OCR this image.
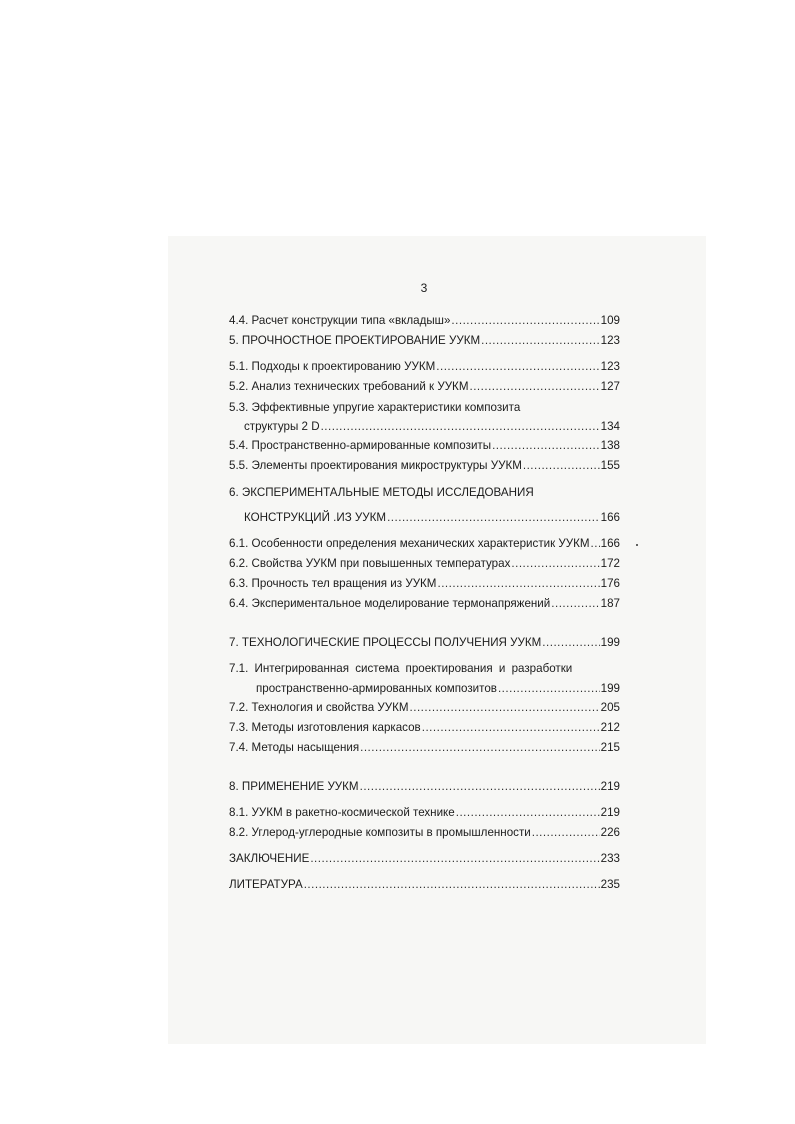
3
4.4. Расчет конструкции типа «вкладыш» .....	109
5. ПРОЧНОСТНОЕ ПРОЕКТИРОВАНИЕ УУКМ .....	123
5.1. Подходы к проектированию УУКМ .....	123
5.2. Анализ технических требований к УУКМ .....	127
5.3. Эффективные упругие характеристики композита
структуры 2 D .....	134
5.4. Пространственно-армированные композиты .....	138
5.5. Элементы проектирования микроструктуры УУКМ .....	155
6. ЭКСПЕРИМЕНТАЛЬНЫЕ МЕТОДЫ ИССЛЕДОВАНИЯ
КОНСТРУКЦИЙ .ИЗ УУКМ .....	166
6.1. Особенности определения механических характеристик УУКМ ..... 166
6.2. Свойства УУКМ при повышенных температурах .....	172
6.3. Прочность тел вращения из УУКМ .....	176
6.4. Экспериментальное моделирование термонапряжений .....	187
7. ТЕХНОЛОГИЧЕСКИЕ ПРОЦЕССЫ ПОЛУЧЕНИЯ УУКМ .....	199
7.1. Интегрированная система проектирования и разработки
пространственно-армированных композитов .....	199
7.2. Технология и свойства УУКМ .....	205
7.3. Методы изготовления каркасов .....	212
7.4. Методы насыщения .....	215
8. ПРИМЕНЕНИЕ УУКМ .....	219
8.1. УУКМ в ракетно-космической технике .....	219
8.2. Углерод-углеродные композиты в промышленности .....	226
ЗАКЛЮЧЕНИЕ .....	233
ЛИТЕРАТУРА .....	235
